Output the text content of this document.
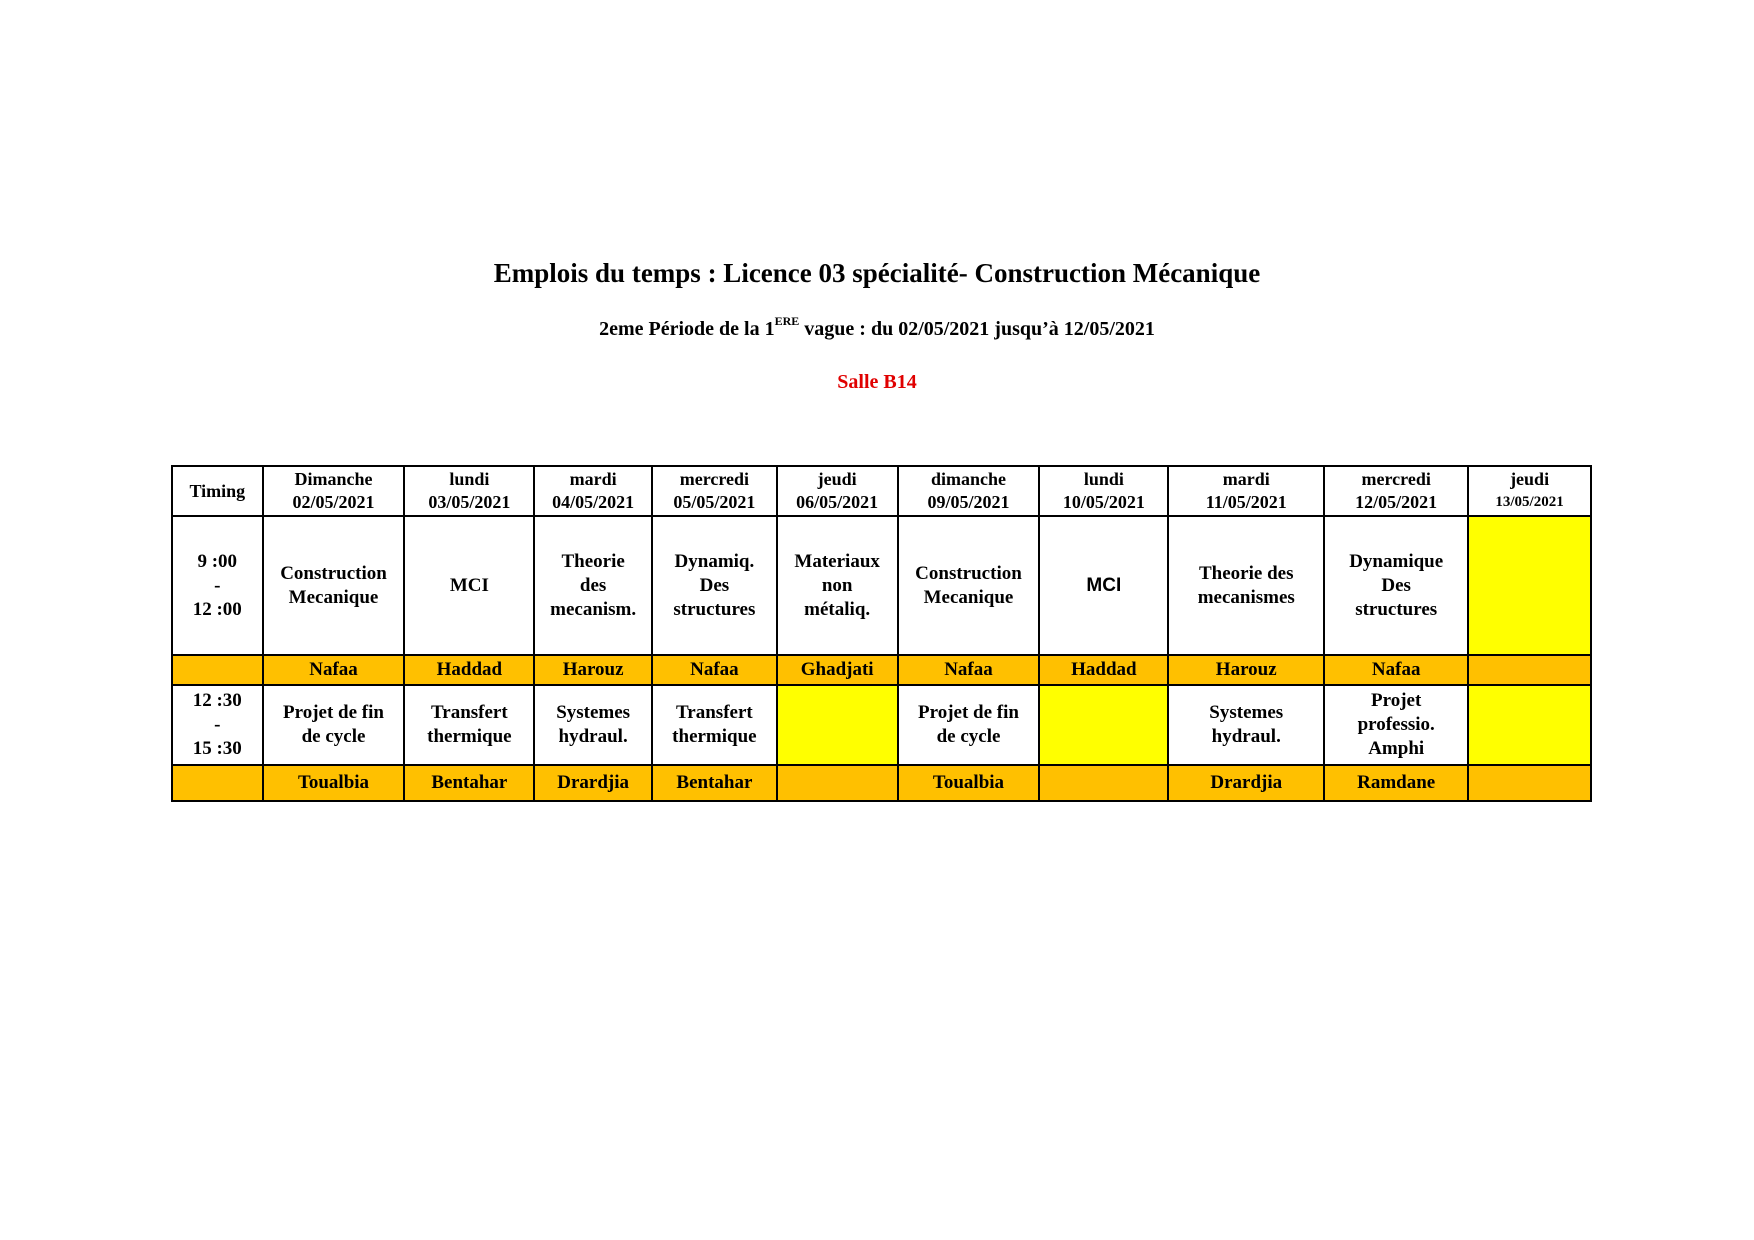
Emplois du temps : Licence 03 spécialité- Construction Mécanique
2eme Période de la 1ERE vague : du 02/05/2021 jusqu’à 12/05/2021
Salle B14
Timing	Dimanche
02/05/2021	lundi
03/05/2021	mardi
04/05/2021	mercredi
05/05/2021	jeudi
06/05/2021	dimanche
09/05/2021	lundi
10/05/2021	mardi
11/05/2021	mercredi
12/05/2021	jeudi
13/05/2021

9 :00
-
12 :00	Construction
Mecanique	MCI	Theorie
des
mecanism.	Dynamiq.
Des
structures	Materiaux
non
métaliq.	Construction
Mecanique	MCI	Theorie des
mecanismes	Dynamique
Des
structures	

	Nafaa	Haddad	Harouz	Nafaa	Ghadjati	Nafaa	Haddad	Harouz	Nafaa	

12 :30
-
15 :30	Projet de fin
de cycle	Transfert
thermique	Systemes
hydraul.	Transfert
thermique		Projet de fin
de cycle		Systemes
hydraul.	Projet
professio.
Amphi	

	Toualbia	Bentahar	Drardjia	Bentahar		Toualbia		Drardjia	Ramdane	
